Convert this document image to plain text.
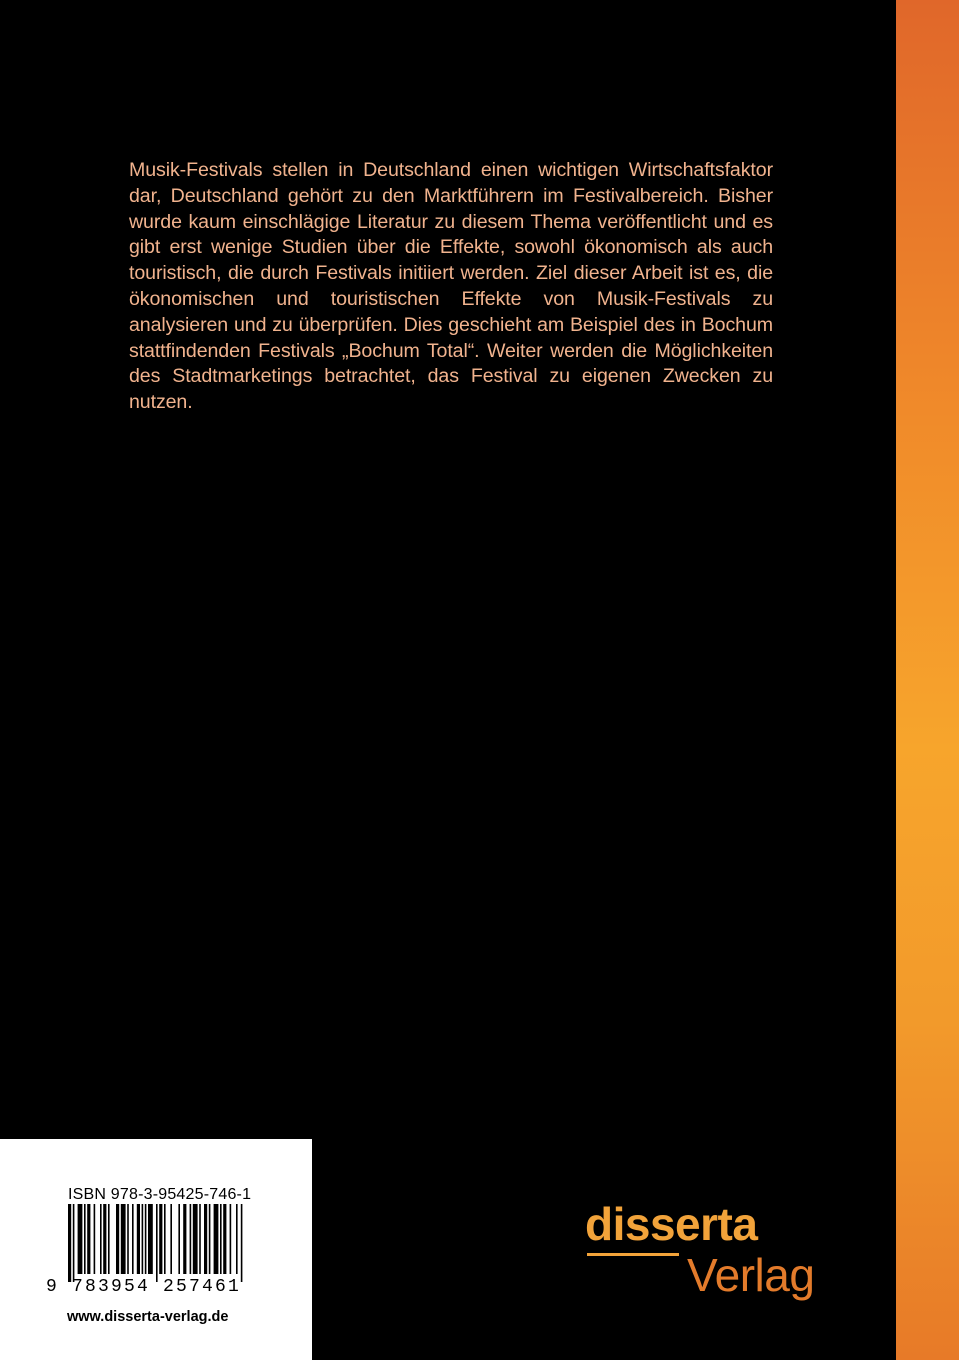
Musik-Festivals stellen in Deutschland einen wichtigen Wirtschaftsfaktor dar, Deutschland gehört zu den Marktführern im Festivalbereich. Bisher wurde kaum einschlägige Literatur zu diesem Thema veröffentlicht und es gibt erst wenige Studien über die Effekte, sowohl ökonomisch als auch touristisch, die durch Festivals initiiert werden. Ziel dieser Arbeit ist es, die ökonomischen und touristischen Effekte von Musik-Festivals zu analysieren und zu überprüfen. Dies geschieht am Beispiel des in Bochum stattfindenden Festivals „Bochum Total“. Weiter werden die Möglichkeiten des Stadtmarketings betrachtet, das Festival zu eigenen Zwecken zu nutzen.

ISBN 978-3-95425-746-1
9 783954 257461
www.disserta-verlag.de
disserta
Verlag
